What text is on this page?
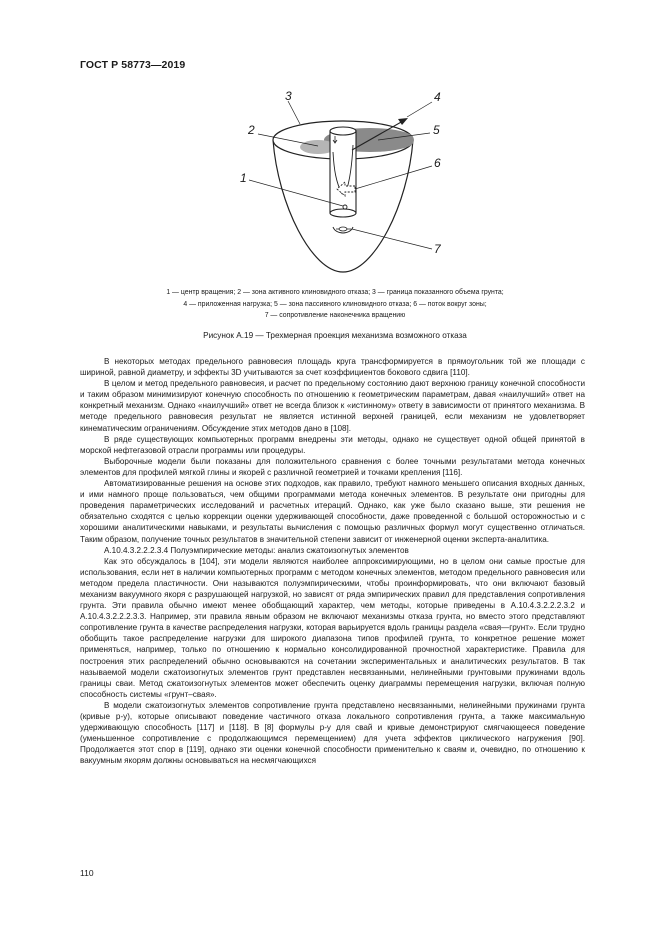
ГОСТ Р 58773—2019
3	4
2	5
6
1
7

1 — центр вращения; 2 — зона активного клиновидного отказа; 3 — граница показанного объема грунта;

4 — приложенная нагрузка; 5 — зона пассивного клиновидного отказа; 6 — поток вокруг зоны;

7 — сопротивление наконечника вращению

Рисунок А.19 — Трехмерная проекция механизма возможного отказа

В некоторых методах предельного равновесия площадь круга трансформируется в прямоугольник той же площади с шириной, равной диаметру, и эффекты 3D учитываются за счет коэффициентов бокового сдвига [110].

В целом и метод предельного равновесия, и расчет по предельному состоянию дают верхнюю границу конечной способности и таким образом минимизируют конечную способность по отношению к геометрическим параметрам, давая «наилучший» ответ на конкретный механизм. Однако «наилучший» ответ не всегда близок к «истинному» ответу в зависимости от принятого механизма. В методе предельного равновесия результат не является истинной верхней границей, если механизм не удовлетворяет кинематическим ограничениям. Обсуждение этих методов дано в [108].

В ряде существующих компьютерных программ внедрены эти методы, однако не существует одной общей принятой в морской нефтегазовой отрасли программы или процедуры.

Выборочные модели были показаны для положительного сравнения с более точными результатами метода конечных элементов для профилей мягкой глины и якорей с различной геометрией и точками крепления [116].

Автоматизированные решения на основе этих подходов, как правило, требуют намного меньшего описания входных данных, и ими намного проще пользоваться, чем общими программами метода конечных элементов. В результате они пригодны для проведения параметрических исследований и расчетных итераций. Однако, как уже было сказано выше, эти решения не обязательно сходятся с целью коррекции оценки удерживающей способности, даже проведенной с большой осторожностью и с хорошими аналитическими навыками, и результаты вычисления с помощью различных формул могут существенно отличаться. Таким образом, получение точных результатов в значительной степени зависит от инженерной оценки эксперта-аналитика.

А.10.4.3.2.2.2.3.4 Полуэмпирические методы: анализ сжатоизогнутых элементов

Как это обсуждалось в [104], эти модели являются наиболее аппроксимирующими, но в целом они самые простые для использования, если нет в наличии компьютерных программ с методом конечных элементов, методом предельного равновесия или методом предела пластичности. Они называются полуэмпирическими, чтобы проинформировать, что они включают базовый механизм вакуумного якоря с разрушающей нагрузкой, но зависят от ряда эмпирических правил для представления сопротивления грунта. Эти правила обычно имеют менее обобщающий характер, чем методы, которые приведены в А.10.4.3.2.2.2.3.2 и А.10.4.3.2.2.2.3.3. Например, эти правила явным образом не включают механизмы отказа грунта, но вместо этого представляют сопротивление грунта в качестве распределения нагрузки, которая варьируется вдоль границы раздела «свая—грунт». Если трудно обобщить такое распределение нагрузки для широкого диапазона типов профилей грунта, то конкретное решение может применяться, например, только по отношению к нормально консолидированной прочностной характеристике. Правила для построения этих распределений обычно основываются на сочетании экспериментальных и аналитических результатов. В так называемой модели сжатоизогнутых элементов грунт представлен несвязанными, нелинейными грунтовыми пружинами вдоль границы сваи. Метод сжатоизогнутых элементов может обеспечить оценку диаграммы перемещения нагрузки, включая полную способность системы «грунт–свая».

В модели сжатоизогнутых элементов сопротивление грунта представлено несвязанными, нелинейными пружинами грунта (кривые p-y), которые описывают поведение частичного отказа локального сопротивления грунта, а также максимальную удерживающую способность [117] и [118]. В [8] формулы p-y для свай и кривые демонстрируют смягчающееся поведение (уменьшенное сопротивление с продолжающимся перемещением) для учета эффектов циклического нагружения [90]. Продолжается этот спор в [119], однако эти оценки конечной способности применительно к сваям и, очевидно, по отношению к вакуумным якорям должны основываться на несмягчающихся

110
